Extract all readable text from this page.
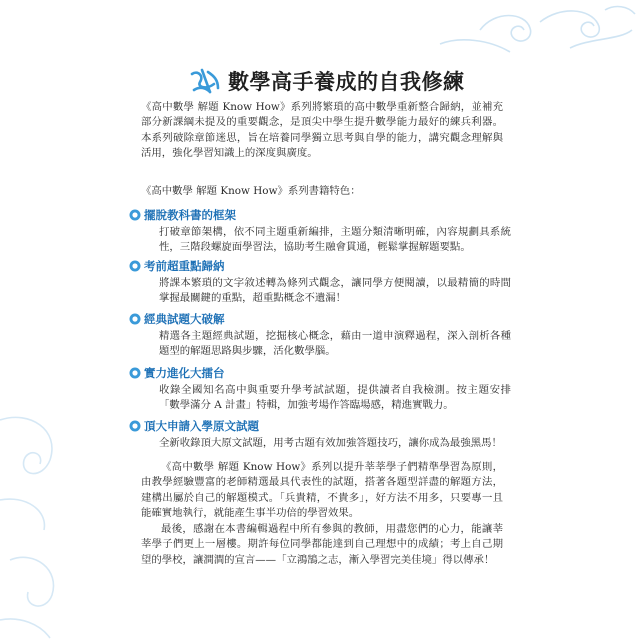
數學高手養成的自我修練

《高中數學 解題 Know How》系列將繁瑣的高中數學重新整合歸納，並補充部分新課綱未提及的重要觀念，是頂尖中學生提升數學能力最好的練兵利器。本系列破除章節迷思，旨在培養同學獨立思考與自學的能力，講究觀念理解與活用，強化學習知識上的深度與廣度。

《高中數學 解題 Know How》系列書籍特色：

擺脫教科書的框架
打破章節架構，依不同主題重新編排，主題分類清晰明確，內容規劃具系統性，三階段螺旋面學習法，協助考生融會貫通，輕鬆掌握解題要點。
考前超重點歸納
將課本繁瑣的文字敘述轉為條列式觀念，讓同學方便閱讀，以最精簡的時間掌握最關鍵的重點，超重點概念不遺漏！
經典試題大破解
精選各主題經典試題，挖掘核心概念，藉由一道申演釋過程，深入剖析各種題型的解題思路與步驟，活化數學腦。
實力進化大擂台
收錄全國知名高中與重要升學考試試題，提供讀者自我檢測。按主題安排「數學滿分 A 計畫」特輯，加強考場作答臨場感，精進實戰力。
頂大申請入學原文試題
全新收錄頂大原文試題，用考古題有效加強答題技巧，讓你成為最強黑馬！

《高中數學 解題 Know How》系列以提升莘莘學子們精準學習為原則，由教學經驗豐富的老師精選最具代表性的試題，搭著各題型詳盡的解題方法，建構出屬於自己的解題模式。「兵貴精，不貴多」，好方法不用多，只要專一且能確實地執行，就能產生事半功倍的學習效果。

最後，感謝在本書編輯過程中所有參與的教師，用盡您們的心力，能讓莘莘學子們更上一層樓。期許每位同學都能達到自己理想中的成績；考上自己期望的學校，讓澗澗的宣言——「立鴻鵠之志，漸入學習完美佳境」得以傳承！
